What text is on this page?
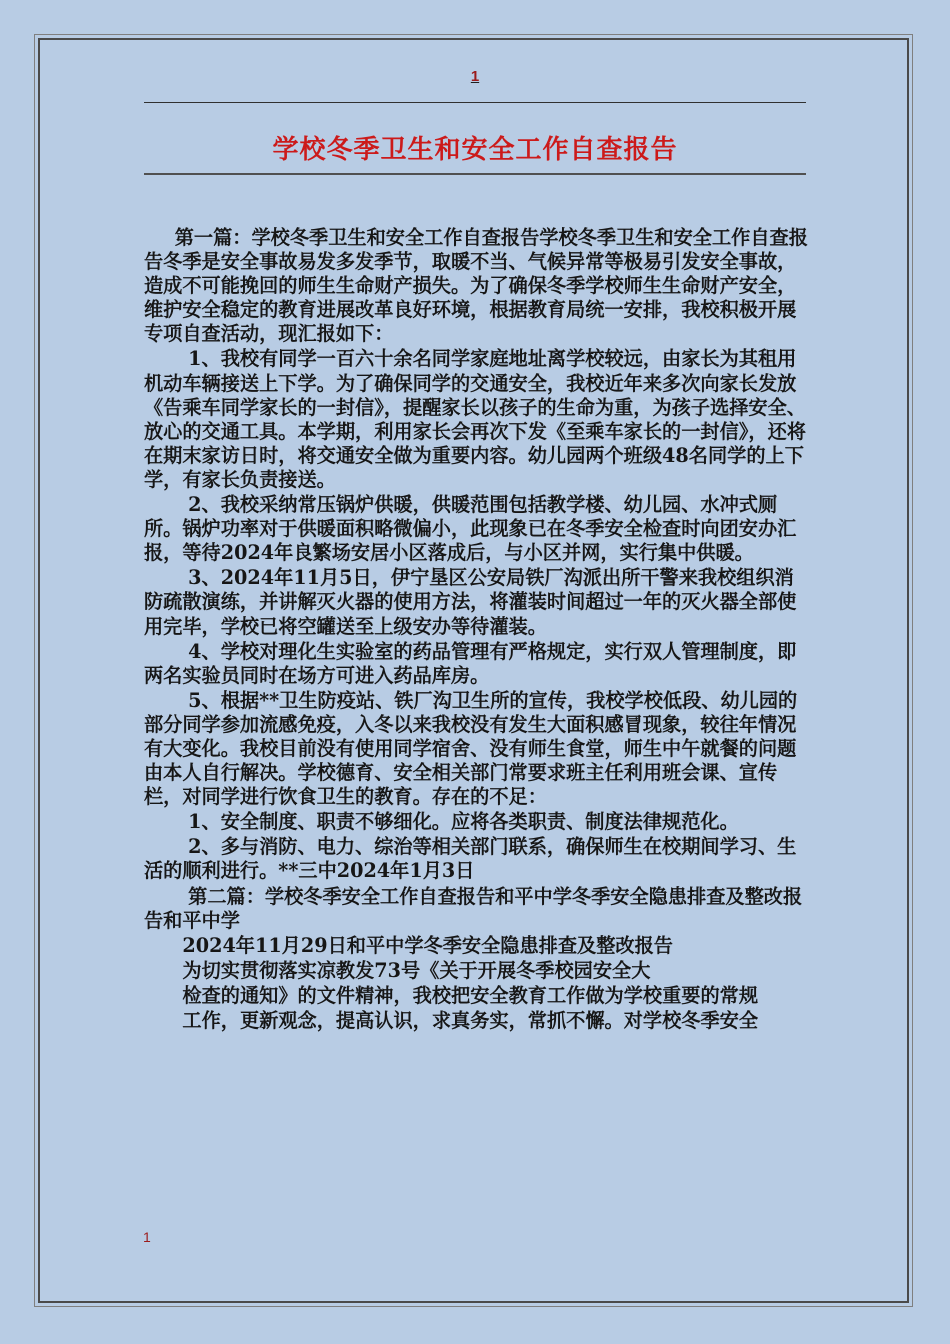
1
学校冬季卫生和安全工作自查报告

第一篇：学校冬季卫生和安全工作自查报告学校冬季卫生和安全工作自查报告冬季是安全事故易发多发季节，取暖不当、气候异常等极易引发安全事故，造成不可能挽回的师生生命财产损失。为了确保冬季学校师生生命财产安全，维护安全稳定的教育进展改革良好环境，根据教育局统一安排，我校积极开展专项自查活动，现汇报如下：

1、我校有同学一百六十余名同学家庭地址离学校较远，由家长为其租用机动车辆接送上下学。为了确保同学的交通安全，我校近年来多次向家长发放《告乘车同学家长的一封信》，提醒家长以孩子的生命为重，为孩子选择安全、放心的交通工具。本学期，利用家长会再次下发《至乘车家长的一封信》，还将在期末家访日时，将交通安全做为重要内容。幼儿园两个班级48名同学的上下学，有家长负责接送。

2、我校采纳常压锅炉供暖，供暖范围包括教学楼、幼儿园、水冲式厕所。锅炉功率对于供暖面积略微偏小，此现象已在冬季安全检查时向团安办汇报，等待2024年良繁场安居小区落成后，与小区并网，实行集中供暖。

3、2024年11月5日，伊宁垦区公安局铁厂沟派出所干警来我校组织消防疏散演练，并讲解灭火器的使用方法，将灌装时间超过一年的灭火器全部使用完毕，学校已将空罐送至上级安办等待灌装。

4、学校对理化生实验室的药品管理有严格规定，实行双人管理制度，即两名实验员同时在场方可进入药品库房。

5、根据**卫生防疫站、铁厂沟卫生所的宣传，我校学校低段、幼儿园的部分同学参加流感免疫，入冬以来我校没有发生大面积感冒现象，较往年情况有大变化。我校目前没有使用同学宿舍、没有师生食堂，师生中午就餐的问题由本人自行解决。学校德育、安全相关部门常要求班主任利用班会课、宣传栏，对同学进行饮食卫生的教育。存在的不足：

1、安全制度、职责不够细化。应将各类职责、制度法律规范化。

2、多与消防、电力、综治等相关部门联系，确保师生在校期间学习、生活的顺利进行。**三中2024年1月3日

第二篇：学校冬季安全工作自查报告和平中学冬季安全隐患排查及整改报告和平中学

2024年11月29日和平中学冬季安全隐患排查及整改报告

为切实贯彻落实凉教发73号《关于开展冬季校园安全大

检查的通知》的文件精神，我校把安全教育工作做为学校重要的常规

工作，更新观念，提高认识，求真务实，常抓不懈。对学校冬季安全

1
